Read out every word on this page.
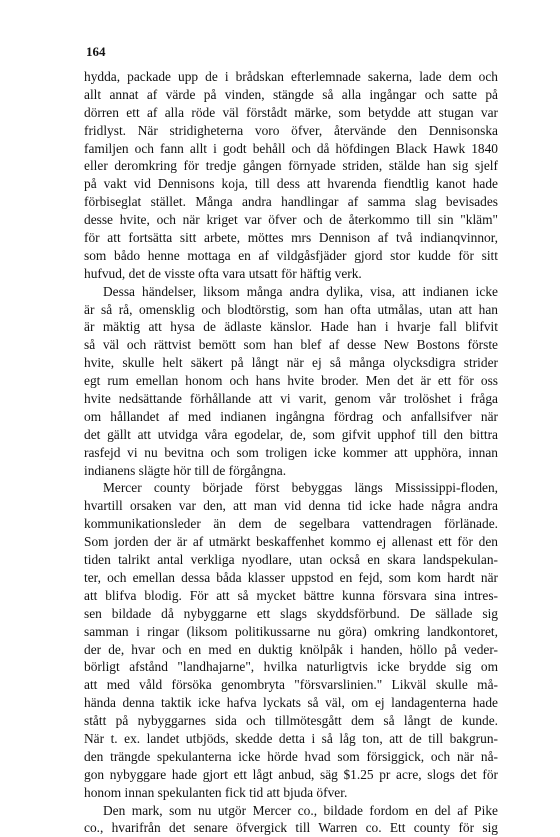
164
hydda, packade upp de i brådskan efterlemnade sakerna, lade dem och
allt annat af värde på vinden, stängde så alla ingångar och satte på
dörren ett af alla röde väl förstådt märke, som betydde att stugan var
fridlyst. När stridigheterna voro öfver, återvände den Dennisonska
familjen och fann allt i godt behåll och då höfdingen Black Hawk 1840
eller deromkring för tredje gången förnyade striden, stälde han sig sjelf
på vakt vid Dennisons koja, till dess att hvarenda fiendtlig kanot hade
förbiseglat stället. Många andra handlingar af samma slag bevisades
desse hvite, och när kriget var öfver och de återkommo till sin "kläm"
för att fortsätta sitt arbete, möttes mrs Dennison af två indianqvinnor,
som bådo henne mottaga en af vildgåsfjäder gjord stor kudde för sitt
hufvud, det de visste ofta vara utsatt för häftig verk.
Dessa händelser, liksom många andra dylika, visa, att indianen icke
är så rå, omensklig och blodtörstig, som han ofta utmålas, utan att han
är mäktig att hysa de ädlaste känslor. Hade han i hvarje fall blifvit
så väl och rättvist bemött som han blef af desse New Bostons förste
hvite, skulle helt säkert på långt när ej så många olycksdigra strider
egt rum emellan honom och hans hvite broder. Men det är ett för oss
hvite nedsättande förhållande att vi varit, genom vår trolöshet i fråga
om hållandet af med indianen ingångna fördrag och anfallsifver när
det gällt att utvidga våra egodelar, de, som gifvit upphof till den bittra
rasfejd vi nu bevitna och som troligen icke kommer att upphöra, innan
indianens slägte hör till de förgångna.
Mercer county började först bebyggas längs Mississippi-floden,
hvartill orsaken var den, att man vid denna tid icke hade några andra
kommunikationsleder än dem de segelbara vattendragen förlänade.
Som jorden der är af utmärkt beskaffenhet kommo ej allenast ett för den
tiden talrikt antal verkliga nyodlare, utan också en skara landspekulan-
ter, och emellan dessa båda klasser uppstod en fejd, som kom hardt när
att blifva blodig. För att så mycket bättre kunna försvara sina intres-
sen bildade då nybyggarne ett slags skyddsförbund. De sällade sig
samman i ringar (liksom politikussarne nu göra) omkring landkontoret,
der de, hvar och en med en duktig knölpåk i handen, höllo på veder-
börligt afstånd "landhajarne", hvilka naturligtvis icke brydde sig om
att med våld försöka genombryta "försvarslinien." Likväl skulle må-
hända denna taktik icke hafva lyckats så väl, om ej landagenterna hade
stått på nybyggarnes sida och tillmötesgått dem så långt de kunde.
När t. ex. landet utbjöds, skedde detta i så låg ton, att de till bakgrun-
den trängde spekulanterna icke hörde hvad som försiggick, och när nå-
gon nybyggare hade gjort ett lågt anbud, säg $1.25 pr acre, slogs det för
honom innan spekulanten fick tid att bjuda öfver.
Den mark, som nu utgör Mercer co., bildade fordom en del af Pike
co., hvarifrån det senare öfvergick till Warren co. Ett county för sig
